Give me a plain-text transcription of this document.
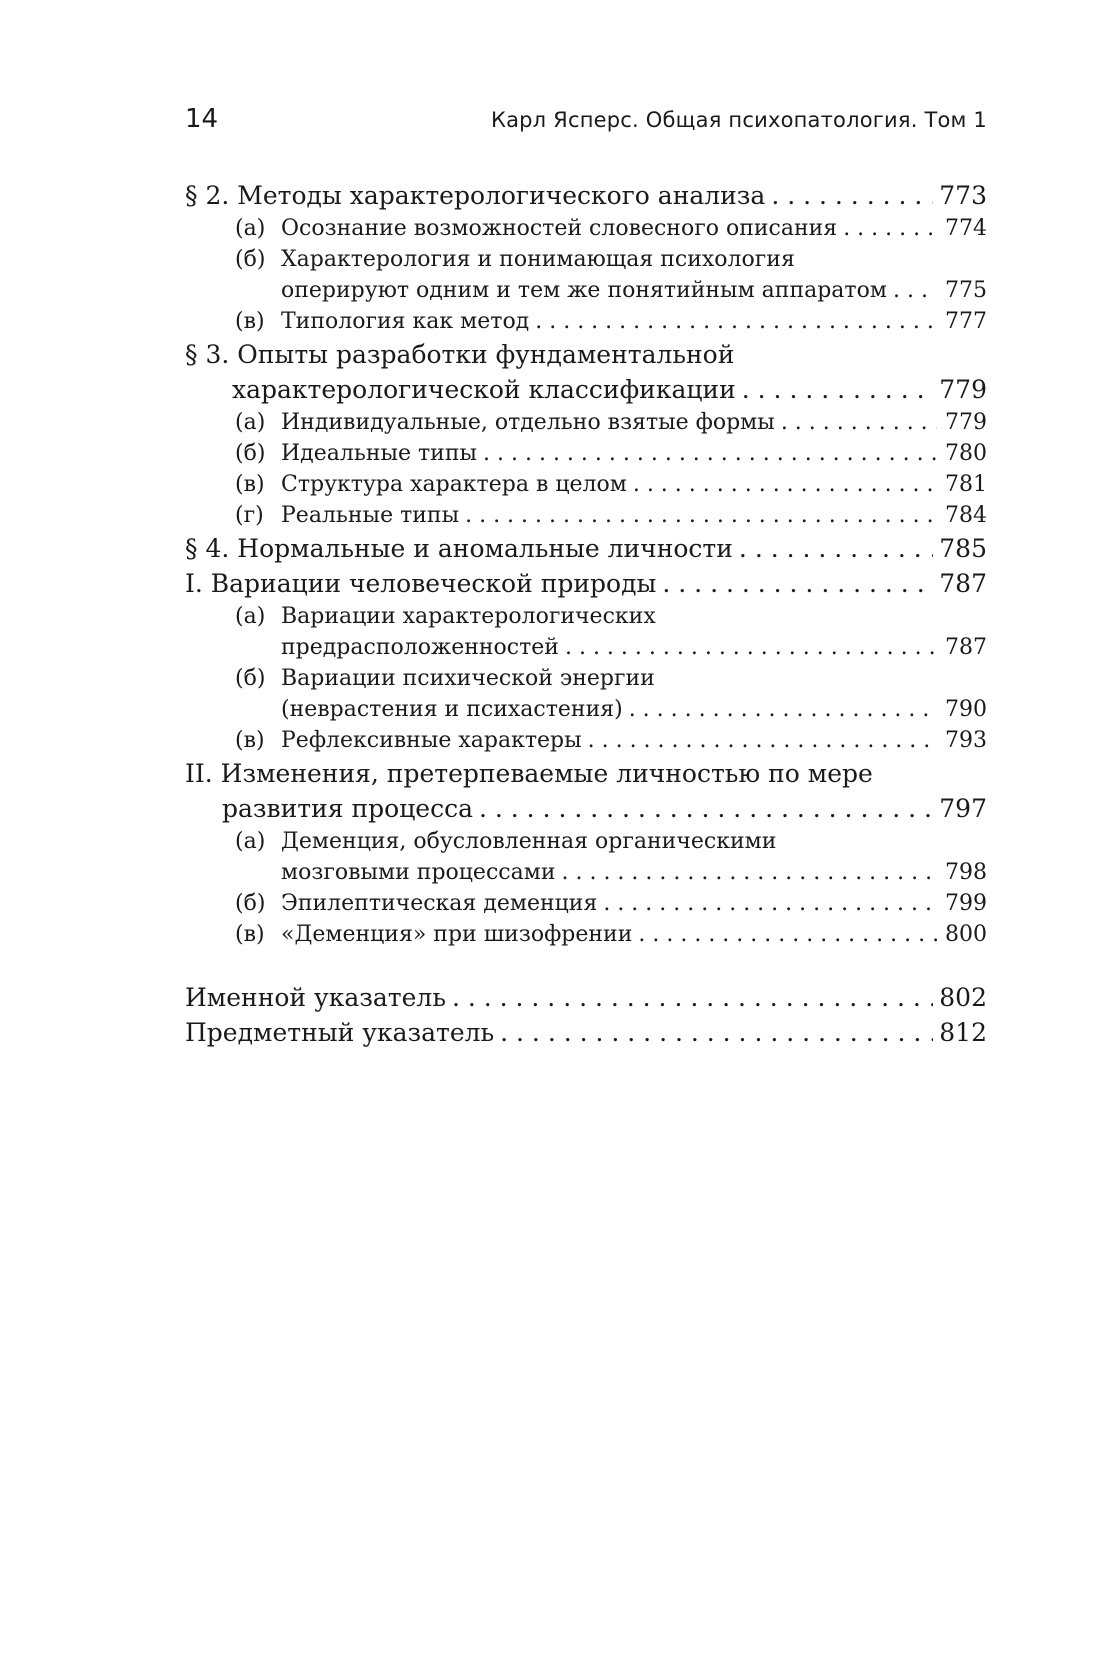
14	Карл Ясперс. Общая психопатология. Том 1
§ 2. Методы характерологического анализа . . .	773
(а) Осознание возможностей словесного описания . . .	774
(б) Характерология и понимающая психология
оперируют одним и тем же понятийным аппаратом . . .	775
(в) Типология как метод . . .	777
§ 3. Опыты разработки фундаментальной
характерологической классификации . . .	779
(а) Индивидуальные, отдельно взятые формы . . .	779
(б) Идеальные типы . . .	780
(в) Структура характера в целом . . .	781
(г) Реальные типы . . .	784
§ 4. Нормальные и аномальные личности . . .	785
I. Вариации человеческой природы . . .	787
(а) Вариации характерологических
предрасположенностей . . .	787
(б) Вариации психической энергии
(неврастения и психастения) . . .	790
(в) Рефлексивные характеры . . .	793
II. Изменения, претерпеваемые личностью по мере
развития процесса . . .	797
(а) Деменция, обусловленная органическими
мозговыми процессами . . .	798
(б) Эпилептическая деменция . . .	799
(в) «Деменция» при шизофрении . . .	800
Именной указатель . . .	802
Предметный указатель . . .	812
